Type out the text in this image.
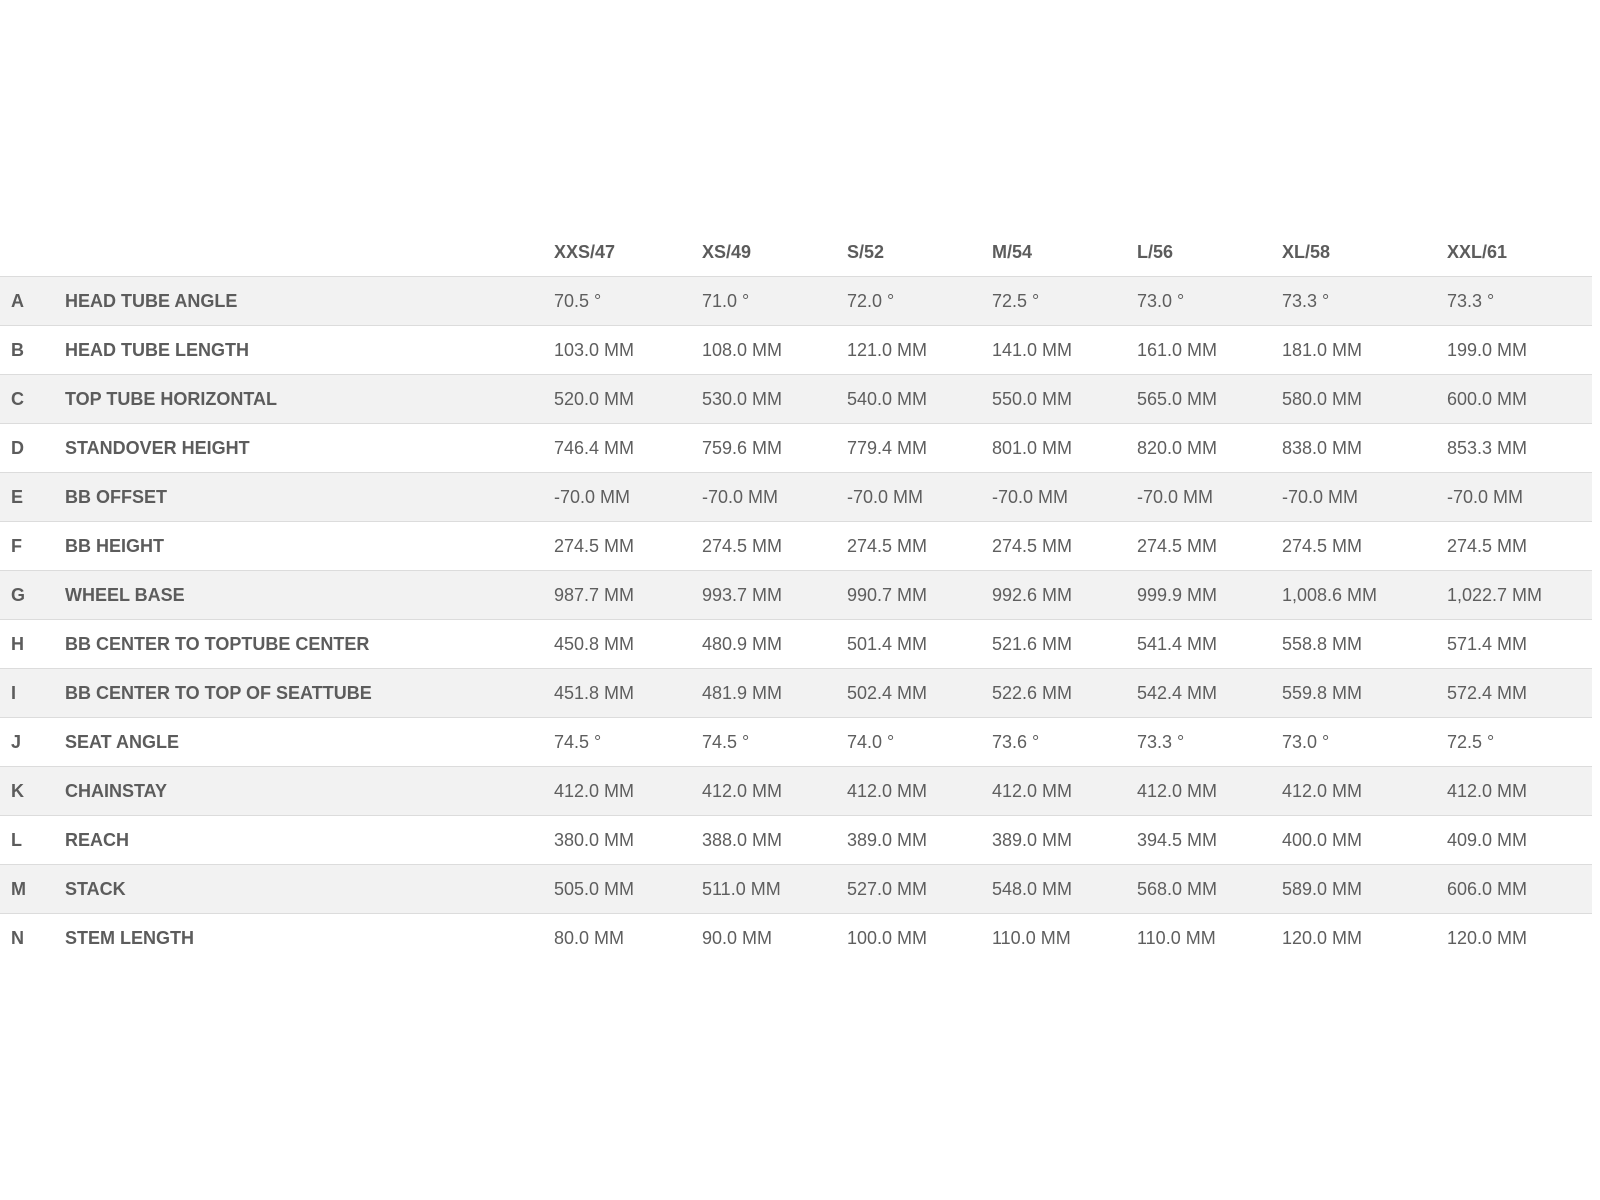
		XXS/47	XS/49	S/52	M/54	L/56	XL/58	XXL/61
A	HEAD TUBE ANGLE	70.5 °	71.0 °	72.0 °	72.5 °	73.0 °	73.3 °	73.3 °
B	HEAD TUBE LENGTH	103.0 MM	108.0 MM	121.0 MM	141.0 MM	161.0 MM	181.0 MM	199.0 MM
C	TOP TUBE HORIZONTAL	520.0 MM	530.0 MM	540.0 MM	550.0 MM	565.0 MM	580.0 MM	600.0 MM
D	STANDOVER HEIGHT	746.4 MM	759.6 MM	779.4 MM	801.0 MM	820.0 MM	838.0 MM	853.3 MM
E	BB OFFSET	-70.0 MM	-70.0 MM	-70.0 MM	-70.0 MM	-70.0 MM	-70.0 MM	-70.0 MM
F	BB HEIGHT	274.5 MM	274.5 MM	274.5 MM	274.5 MM	274.5 MM	274.5 MM	274.5 MM
G	WHEEL BASE	987.7 MM	993.7 MM	990.7 MM	992.6 MM	999.9 MM	1,008.6 MM	1,022.7 MM
H	BB CENTER TO TOPTUBE CENTER	450.8 MM	480.9 MM	501.4 MM	521.6 MM	541.4 MM	558.8 MM	571.4 MM
I	BB CENTER TO TOP OF SEATTUBE	451.8 MM	481.9 MM	502.4 MM	522.6 MM	542.4 MM	559.8 MM	572.4 MM
J	SEAT ANGLE	74.5 °	74.5 °	74.0 °	73.6 °	73.3 °	73.0 °	72.5 °
K	CHAINSTAY	412.0 MM	412.0 MM	412.0 MM	412.0 MM	412.0 MM	412.0 MM	412.0 MM
L	REACH	380.0 MM	388.0 MM	389.0 MM	389.0 MM	394.5 MM	400.0 MM	409.0 MM
M	STACK	505.0 MM	511.0 MM	527.0 MM	548.0 MM	568.0 MM	589.0 MM	606.0 MM
N	STEM LENGTH	80.0 MM	90.0 MM	100.0 MM	110.0 MM	110.0 MM	120.0 MM	120.0 MM
